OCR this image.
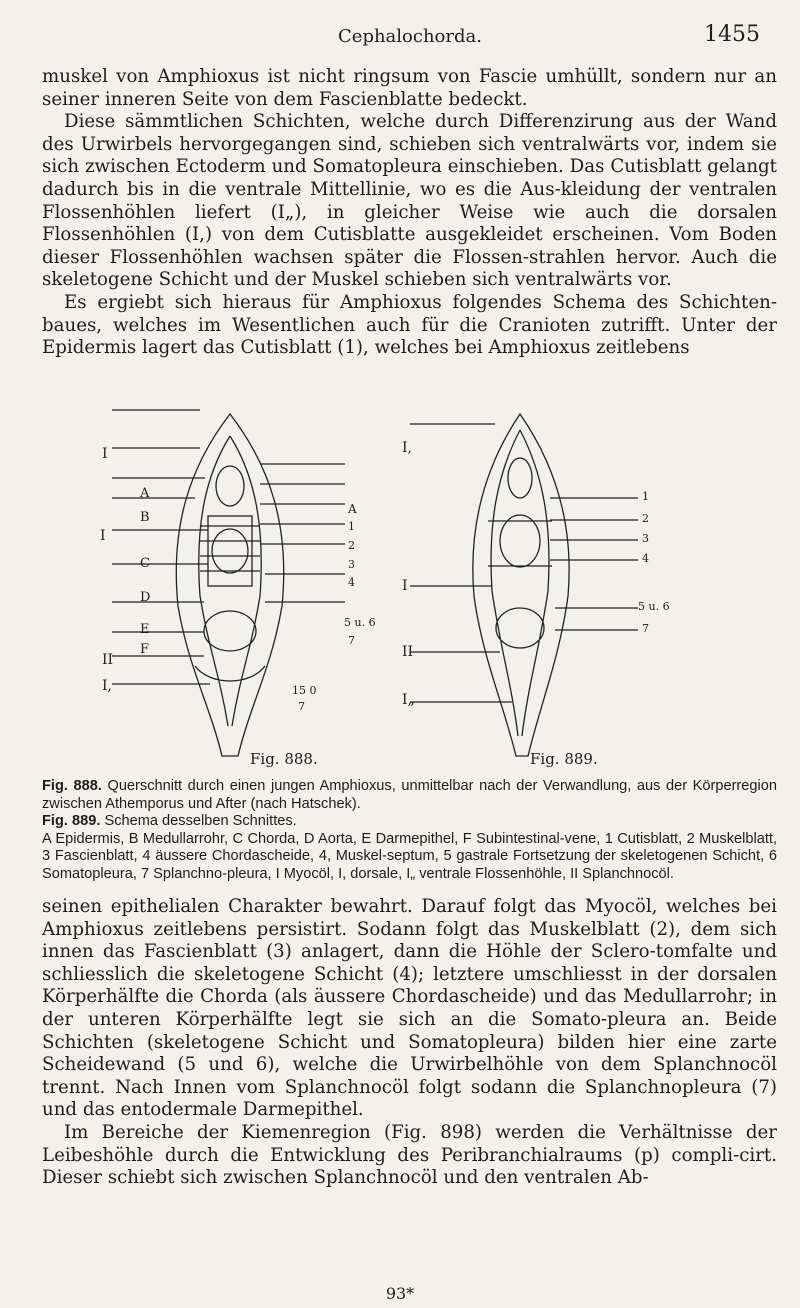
Cephalochorda.	1455

muskel von Amphioxus ist nicht ringsum von Fascie umhüllt, sondern nur an seiner inneren Seite von dem Fascienblatte bedeckt.

Diese sämmtlichen Schichten, welche durch Differenzirung aus der Wand des Urwirbels hervorgegangen sind, schieben sich ventralwärts vor, indem sie sich zwischen Ectoderm und Somatopleura einschieben. Das Cutisblatt gelangt dadurch bis in die ventrale Mittellinie, wo es die Aus-kleidung der ventralen Flossenhöhlen liefert (I„), in gleicher Weise wie auch die dorsalen Flossenhöhlen (I,) von dem Cutisblatte ausgekleidet erscheinen. Vom Boden dieser Flossenhöhlen wachsen später die Flossen-strahlen hervor. Auch die skeletogene Schicht und der Muskel schieben sich ventralwärts vor.

Es ergiebt sich hieraus für Amphioxus folgendes Schema des Schichten-baues, welches im Wesentlichen auch für die Cranioten zutrifft. Unter der Epidermis lagert das Cutisblatt (1), welches bei Amphioxus zeitlebens

I
A
B
I
C
D
E
F
II
I,
A
1
2
3
4
5 u. 6
7
15 0
7
Fig. 888.
I,
I
II
I„
1
2
3
4
5 u. 6
7
Fig. 889.

Fig. 888. Querschnitt durch einen jungen Amphioxus, unmittelbar nach der Verwandlung, aus der Körperregion zwischen Athemporus und After (nach Hatschek).

Fig. 889. Schema desselben Schnittes.

A Epidermis, B Medullarrohr, C Chorda, D Aorta, E Darmepithel, F Subintestinal-vene, 1 Cutisblatt, 2 Muskelblatt, 3 Fascienblatt, 4 äussere Chordascheide, 4, Muskel-septum, 5 gastrale Fortsetzung der skeletogenen Schicht, 6 Somatopleura, 7 Splanchno-pleura, I Myocöl, I, dorsale, I„ ventrale Flossenhöhle, II Splanchnocöl.

seinen epithelialen Charakter bewahrt. Darauf folgt das Myocöl, welches bei Amphioxus zeitlebens persistirt. Sodann folgt das Muskelblatt (2), dem sich innen das Fascienblatt (3) anlagert, dann die Höhle der Sclero-tomfalte und schliesslich die skeletogene Schicht (4); letztere umschliesst in der dorsalen Körperhälfte die Chorda (als äussere Chordascheide) und das Medullarrohr; in der unteren Körperhälfte legt sie sich an die Somato-pleura an. Beide Schichten (skeletogene Schicht und Somatopleura) bilden hier eine zarte Scheidewand (5 und 6), welche die Urwirbelhöhle von dem Splanchnocöl trennt. Nach Innen vom Splanchnocöl folgt sodann die Splanchnopleura (7) und das entodermale Darmepithel.

Im Bereiche der Kiemenregion (Fig. 898) werden die Verhältnisse der Leibeshöhle durch die Entwicklung des Peribranchialraums (p) compli-cirt. Dieser schiebt sich zwischen Splanchnocöl und den ventralen Ab-

93*
